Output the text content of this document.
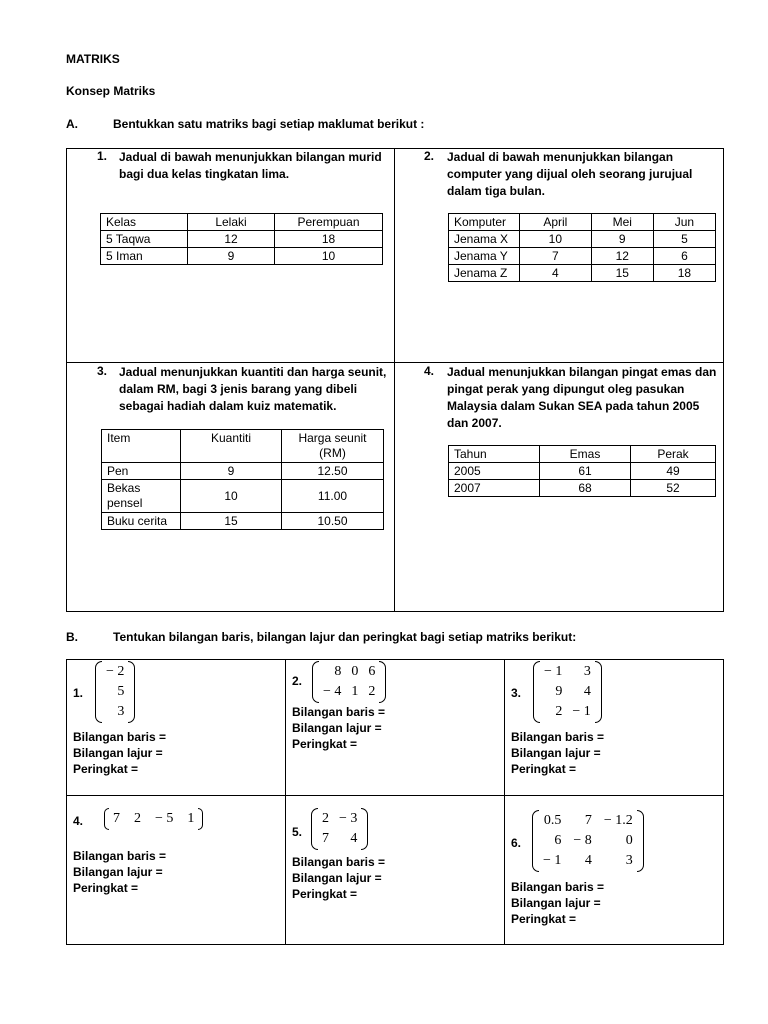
MATRIKS
Konsep Matriks
A.	Bentukkan satu matriks bagi setiap maklumat berikut :
1. Jadual di bawah menunjukkan bilangan murid bagi dua kelas tingkatan lima.
Kelas	Lelaki	Perempuan
5 Taqwa	12	18
5 Iman	9	10
2. Jadual di bawah menunjukkan bilangan computer yang dijual oleh seorang jurujual dalam tiga bulan.
Komputer	April	Mei	Jun
Jenama X	10	9	5
Jenama Y	7	12	6
Jenama Z	4	15	18
3. Jadual menunjukkan kuantiti dan harga seunit, dalam RM, bagi 3 jenis barang yang dibeli sebagai hadiah dalam kuiz matematik.
Item	Kuantiti	Harga seunit (RM)
Pen	9	12.50
Bekas pensel	10	11.00
Buku cerita	15	10.50
4. Jadual menunjukkan bilangan pingat emas dan pingat perak yang dipungut oleg pasukan Malaysia dalam Sukan SEA pada tahun 2005 dan 2007.
Tahun	Emas	Perak
2005	61	49
2007	68	52
B.	Tentukan bilangan baris, bilangan lajur dan peringkat bagi setiap matriks berikut:
1.
− 2
5
3
Bilangan baris =
Bilangan lajur =
Peringkat =
2.
8 0 6
− 4 1 2
Bilangan baris =
Bilangan lajur =
Peringkat =
3.
− 1	3
9	4
2 − 1
Bilangan baris =
Bilangan lajur =
Peringkat =
4. 7 2 − 5 1
Bilangan baris =
Bilangan lajur =
Peringkat =
5.
2 − 3
7	4
Bilangan baris =
Bilangan lajur =
Peringkat =
6.
0.5	7 − 1.2
6 − 8	0
− 1	4	3
Bilangan baris =
Bilangan lajur =
Peringkat =
